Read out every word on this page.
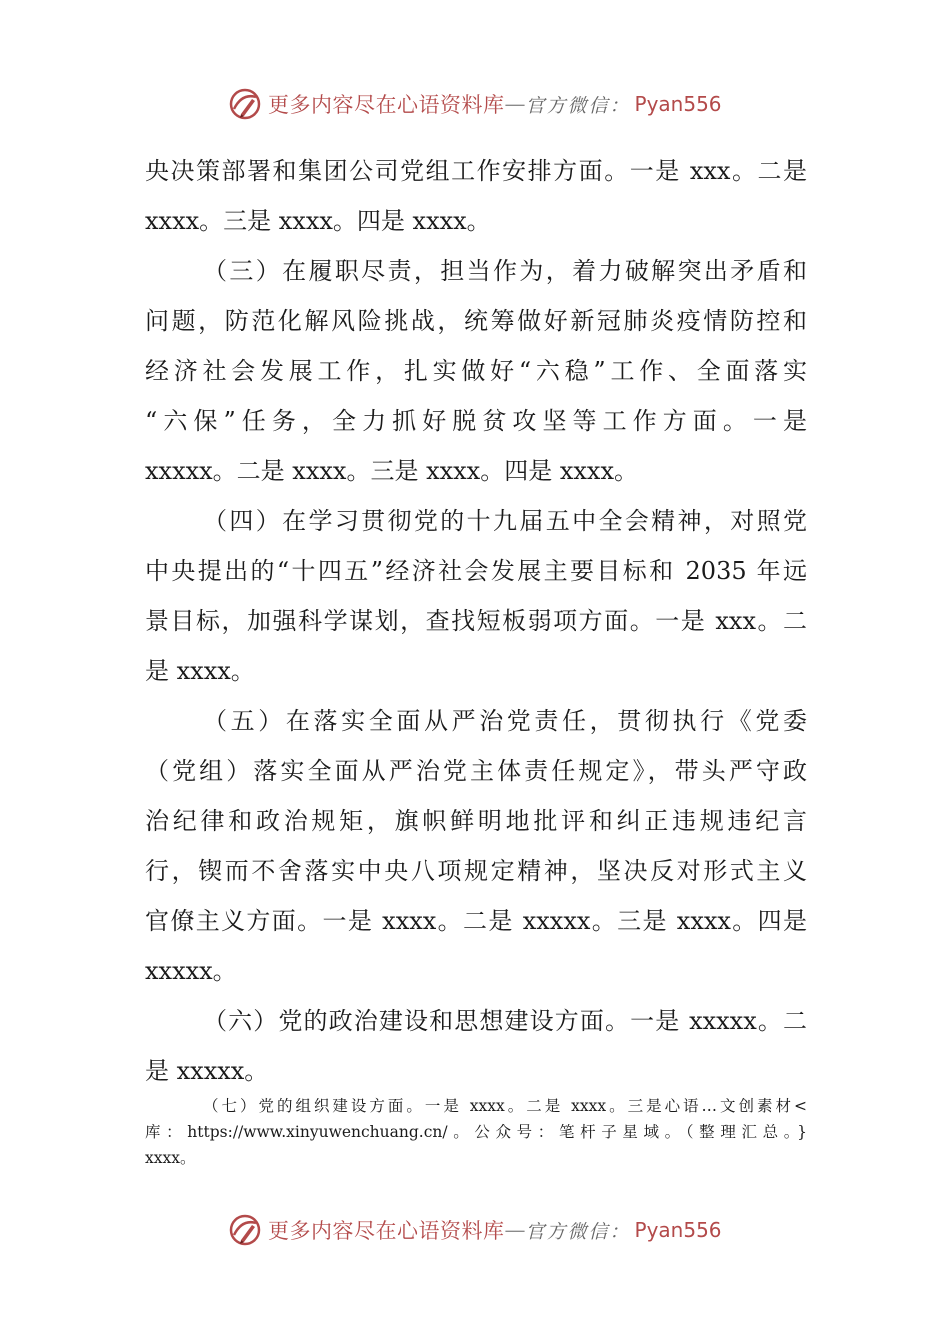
更多内容尽在心语资料库 — 官方微信： Pyan556
央决策部署和集团公司党组工作安排方面。一是 xxx。二是
xxxx。三是 xxxx。四是 xxxx。
（三）在履职尽责，担当作为，着力破解突出矛盾和
问题，防范化解风险挑战，统筹做好新冠肺炎疫情防控和
经济社会发展工作，扎实做好“六稳”工作、全面落实
“六保”任务，全力抓好脱贫攻坚等工作方面。一是
xxxxx。二是 xxxx。三是 xxxx。四是 xxxx。
（四）在学习贯彻党的十九届五中全会精神，对照党
中央提出的“十四五”经济社会发展主要目标和 2035 年远
景目标，加强科学谋划，查找短板弱项方面。一是 xxx。二
是 xxxx。
（五）在落实全面从严治党责任，贯彻执行《党委
（党组）落实全面从严治党主体责任规定》，带头严守政
治纪律和政治规矩，旗帜鲜明地批评和纠正违规违纪言
行，锲而不舍落实中央八项规定精神，坚决反对形式主义
官僚主义方面。一是 xxxx。二是 xxxxx。三是 xxxx。四是
xxxxx。
（六）党的政治建设和思想建设方面。一是 xxxxx。二
是 xxxxx。
（七）党的组织建设方面。一是 xxxx。二是 xxxx。三是心语…文创素材<
库：https://www.xinyuwenchuang.cn/。公众号：笔杆子星域。（整理汇总。}
xxxx。
更多内容尽在心语资料库 — 官方微信： Pyan556
